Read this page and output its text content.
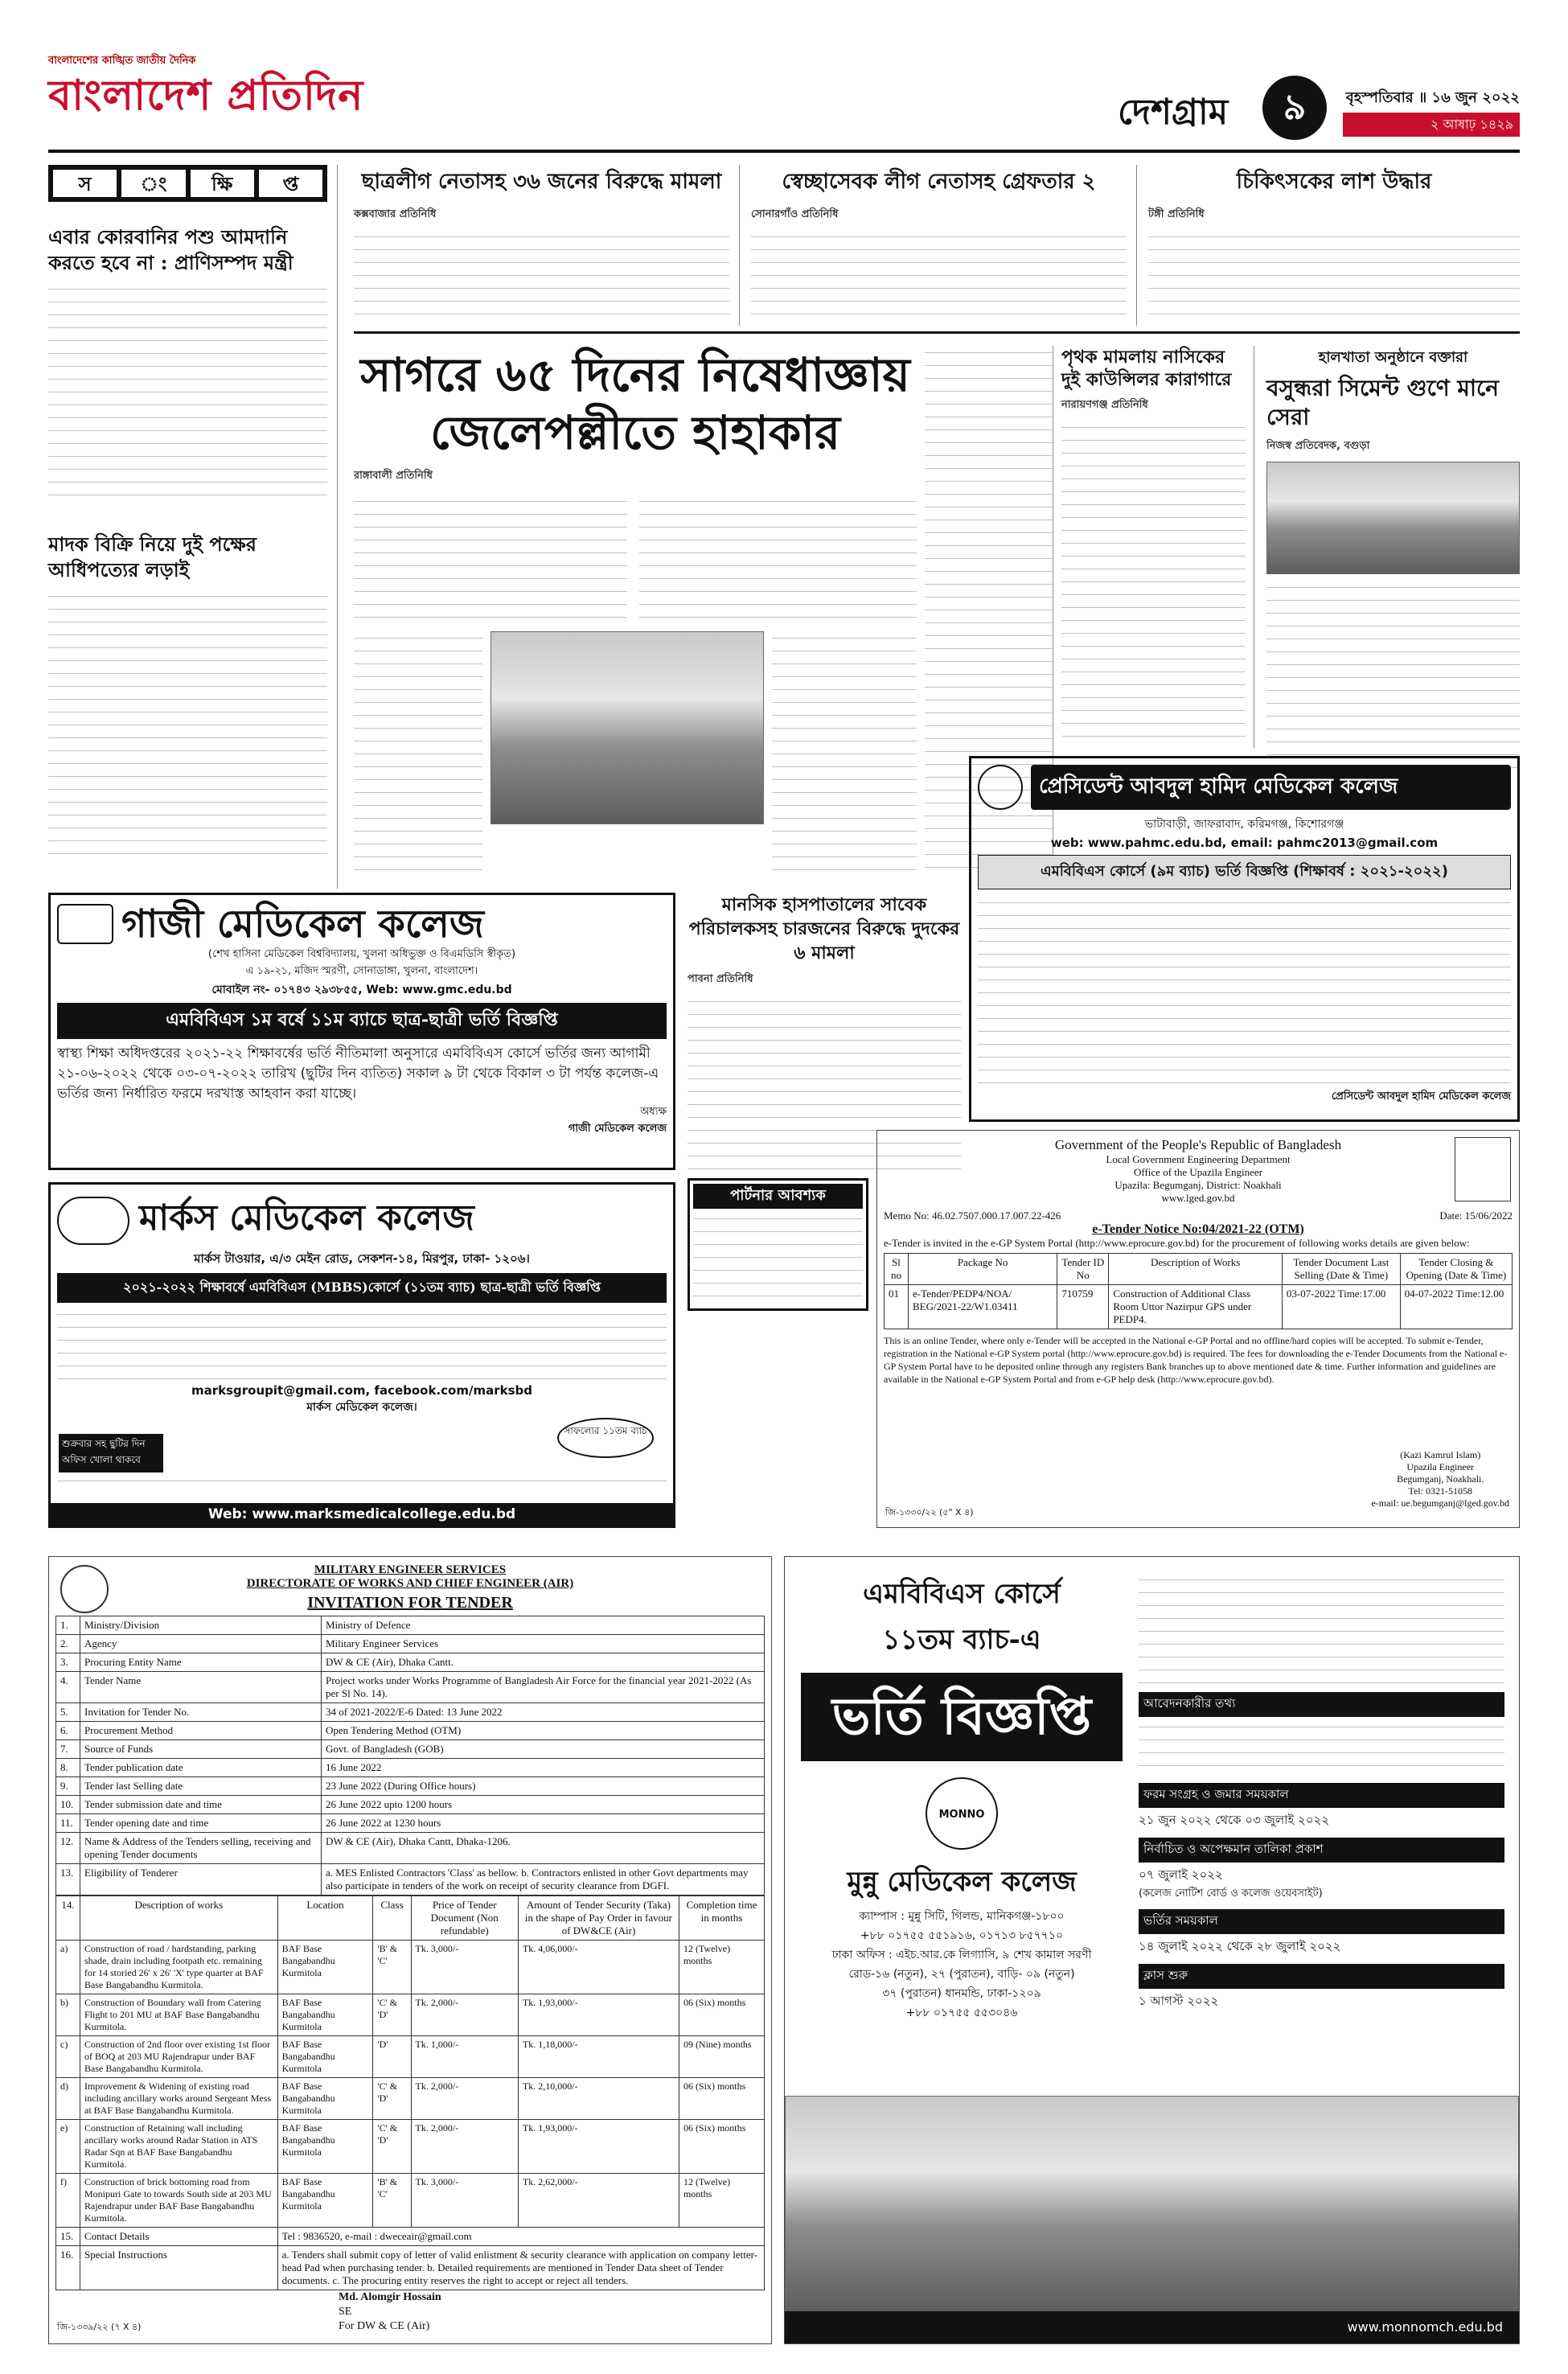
বাংলাদেশের কাঙ্খিত জাতীয় দৈনিক
বাংলাদেশ প্রতিদিন	দেশগ্রাম	৯	বৃহস্পতিবার ॥ ১৬ জুন ২০২২
২ আষাঢ় ১৪২৯
স	ং	ক্ষি	প্ত
এবার কোরবানির পশু আমদানি করতে হবে না : প্রাণিসম্পদ মন্ত্রী
মাদক বিক্রি নিয়ে দুই পক্ষের আধিপত্যের লড়াই
ছাত্রলীগ নেতাসহ ৩৬ জনের বিরুদ্ধে মামলা
কক্সবাজার প্রতিনিধি
স্বেচ্ছাসেবক লীগ নেতাসহ গ্রেফতার ২
সোনারগাঁও প্রতিনিধি
চিকিৎসকের লাশ উদ্ধার
টঙ্গী প্রতিনিধি
সাগরে ৬৫ দিনের নিষেধাজ্ঞায়
জেলেপল্লীতে হাহাকার
রাঙ্গাবালী প্রতিনিধি
পৃথক মামলায় নাসিকের দুই কাউন্সিলর কারাগারে
নারায়ণগঞ্জ প্রতিনিধি
হালখাতা অনুষ্ঠানে বক্তারা
বসুন্ধরা সিমেন্ট গুণে মানে সেরা
নিজস্ব প্রতিবেদক, বগুড়া
প্রেসিডেন্ট আবদুল হামিদ মেডিকেল কলেজ
ভাটাবাড়ী, জাফরাবাদ, করিমগঞ্জ, কিশোরগঞ্জ
web: www.pahmc.edu.bd, email: pahmc2013@gmail.com
এমবিবিএস কোর্সে (৯ম ব্যাচ) ভর্তি বিজ্ঞপ্তি (শিক্ষাবর্ষ : ২০২১-২০২২)
প্রেসিডেন্ট আবদুল হামিদ মেডিকেল কলেজ
মানসিক হাসপাতালের সাবেক পরিচালকসহ চারজনের বিরুদ্ধে দুদকের ৬ মামলা
পাবনা প্রতিনিধি
গাজী মেডিকেল কলেজ
(শেখ হাসিনা মেডিকেল বিশ্ববিদ্যালয়, খুলনা অধিভুক্ত ও বিএমডিসি স্বীকৃত)
এ ১৯-২১, মজিদ স্মরণী, সোনাডাঙ্গা, খুলনা, বাংলাদেশ।
মোবাইল নং- ০১৭৪৩ ২৯৩৮৫৫, Web: www.gmc.edu.bd
এমবিবিএস ১ম বর্ষে ১১ম ব্যাচে ছাত্র-ছাত্রী ভর্তি বিজ্ঞপ্তি
স্বাস্থ্য শিক্ষা অধিদপ্তরের ২০২১-২২ শিক্ষাবর্ষের ভর্তি নীতিমালা অনুসারে এমবিবিএস কোর্সে ভর্তির জন্য আগামী ২১-০৬-২০২২ থেকে ০৩-০৭-২০২২ তারিখ (ছুটির দিন ব্যতিত) সকাল ৯ টা থেকে বিকাল ৩ টা পর্যন্ত কলেজ-এ ভর্তির জন্য নির্ধারিত ফরমে দরখাস্ত আহবান করা যাচ্ছে।
অধ্যক্ষ
গাজী মেডিকেল কলেজ
পার্টনার আবশ্যক
মার্কস মেডিকেল কলেজ
মার্কস টাওয়ার, এ/৩ মেইন রোড, সেকশন-১৪, মিরপুর, ঢাকা- ১২০৬।
২০২১-২০২২ শিক্ষাবর্ষে এমবিবিএস (MBBS)কোর্সে (১১তম ব্যাচ) ছাত্র-ছাত্রী ভর্তি বিজ্ঞপ্তি
marksgroupit@gmail.com, facebook.com/marksbd
মার্কস মেডিকেল কলেজ।
শুক্রবার সহ ছুটির দিন অফিস খোলা থাকবে
সাফল্যের ১১তম ব্যাচ
Web: www.marksmedicalcollege.edu.bd
Government of the People's Republic of Bangladesh
Local Government Engineering Department
Office of the Upazila Engineer
Upazila: Begumganj, District: Noakhali
www.lged.gov.bd
Memo No: 46.02.7507.000.17.007.22-426	Date: 15/06/2022
e-Tender Notice No:04/2021-22 (OTM)
e-Tender is invited in the e-GP System Portal (http://www.eprocure.gov.bd) for the procurement of following works details are given below:
Sl no	Package No	Tender ID No	Description of Works	Tender Document Last Selling (Date & Time)	Tender Closing & Opening (Date & Time)
01	e-Tender/PEDP4/NOA/ BEG/2021-22/W1.03411	710759	Construction of Additional Class Room Uttor Nazirpur GPS under PEDP4.	03-07-2022 Time:17.00	04-07-2022 Time:12.00
This is an online Tender, where only e-Tender will be accepted in the National e-GP Portal and no offline/hard copies will be accepted. To submit e-Tender, registration in the National e-GP System portal (http://www.eprocure.gov.bd) is required. The fees for downloading the e-Tender Documents from the National e-GP System Portal have to be deposited online through any registers Bank branches up to above mentioned date & time. Further information and guidelines are available in the National e-GP System Portal and from e-GP help desk (http://www.eprocure.gov.bd).
(Kazi Kamrul Islam)
Upazila Engineer
Begumganj, Noakhali.
Tel: 0321-51058
e-mail: ue.begumganj@lged.gov.bd
জি-১৩৩০/২২ (৫" X ৪)
MILITARY ENGINEER SERVICES
DIRECTORATE OF WORKS AND CHIEF ENGINEER (AIR)
INVITATION FOR TENDER
1.	Ministry/Division	Ministry of Defence
2.	Agency	Military Engineer Services
3.	Procuring Entity Name	DW & CE (Air), Dhaka Cantt.
4.	Tender Name	Project works under Works Programme of Bangladesh Air Force for the financial year 2021-2022 (As per Sl No. 14).
5.	Invitation for Tender No.	34 of 2021-2022/E-6 Dated: 13 June 2022
6.	Procurement Method	Open Tendering Method (OTM)
7.	Source of Funds	Govt. of Bangladesh (GOB)
8.	Tender publication date	16 June 2022
9.	Tender last Selling date	23 June 2022 (During Office hours)
10.	Tender submission date and time	26 June 2022 upto 1200 hours
11.	Tender opening date and time	26 June 2022 at 1230 hours
12.	Name & Address of the Tenders selling, receiving and opening Tender documents	DW & CE (Air), Dhaka Cantt, Dhaka-1206.
13.	Eligibility of Tenderer	a. MES Enlisted Contractors 'Class' as bellow. b. Contractors enlisted in other Govt departments may also participate in tenders of the work on receipt of security clearance from DGFI.
14.	Description of works	Location	Class	Price of Tender Document (Non refundable)	Amount of Tender Security (Taka) in the shape of Pay Order in favour of DW&CE (Air)	Completion time in months
a)	Construction of road / hardstanding, parking shade, drain including footpath etc. remaining for 14 storied 26' x 26' 'X' type quarter at BAF Base Bangabandhu Kurmitola.	BAF Base Bangabandhu Kurmitola	'B' & 'C'	Tk. 3,000/-	Tk. 4,06,000/-	12 (Twelve) months
b)	Construction of Boundary wall from Catering Flight to 201 MU at BAF Base Bangabandhu Kurmitola.	BAF Base Bangabandhu Kurmitola	'C' & 'D'	Tk. 2,000/-	Tk. 1,93,000/-	06 (Six) months
c)	Construction of 2nd floor over existing 1st floor of BOQ at 203 MU Rajendrapur under BAF Base Bangabandhu Kurmitola.	BAF Base Bangabandhu Kurmitola	'D'	Tk. 1,000/-	Tk. 1,18,000/-	09 (Nine) months
d)	Improvement & Widening of existing road including ancillary works around Sergeant Mess at BAF Base Bangabandhu Kurmitola.	BAF Base Bangabandhu Kurmitola	'C' & 'D'	Tk. 2,000/-	Tk. 2,10,000/-	06 (Six) months
e)	Construction of Retaining wall including ancillary works around Radar Station in ATS Radar Sqn at BAF Base Bangabandhu Kurmitola.	BAF Base Bangabandhu Kurmitola	'C' & 'D'	Tk. 2,000/-	Tk. 1,93,000/-	06 (Six) months
f)	Construction of brick bottoming road from Monipuri Gate to towards South side at 203 MU Rajendrapur under BAF Base Bangabandhu Kurmitola.	BAF Base Bangabandhu Kurmitola	'B' & 'C'	Tk. 3,000/-	Tk. 2,62,000/-	12 (Twelve) months
15.	Contact Details	Tel : 9836520, e-mail : dweceair@gmail.com				
16.	Special Instructions	a. Tenders shall submit copy of letter of valid enlistment & security clearance with application on company letter-head Pad when purchasing tender. b. Detailed requirements are mentioned in Tender Data sheet of Tender documents. c. The procuring entity reserves the right to accept or reject all tenders.				
Md. Alomgir Hossain
SE
For DW & CE (Air)
জি-১৩৩৯/২২ (৭ X ৪)
এমবিবিএস কোর্সে
১১তম ব্যাচ-এ
ভর্তি বিজ্ঞপ্তি
MONNO
মুন্নু মেডিকেল কলেজ
ক্যাম্পাস : মুন্নু সিটি, গিলন্ড, মানিকগঞ্জ-১৮০০
+৮৮ ০১৭৫৫ ৫৫১৯১৬, ০১৭১৩ ৮৫৭৭১০
ঢাকা অফিস : এইচ.আর.কে লিগ্যাসি, ৯ শেখ কামাল সরণী
রোড-১৬ (নতুন), ২৭ (পুরাতন), বাড়ি- ০৯ (নতুন)
৩৭ (পুরাতন) ধানমন্ডি, ঢাকা-১২০৯
+৮৮ ০১৭৫৫ ৫৫৩০৪৬
আবেদনকারীর তথ্য
ফরম সংগ্রহ ও জমার সময়কাল
২১ জুন ২০২২ থেকে ০৩ জুলাই ২০২২
নির্বাচিত ও অপেক্ষমান তালিকা প্রকাশ
০৭ জুলাই ২০২২
(কলেজ নোটিশ বোর্ড ও কলেজ ওয়েবসাইট)
ভর্তির সময়কাল
১৪ জুলাই ২০২২ থেকে ২৮ জুলাই ২০২২
ক্লাস শুরু
১ আগস্ট ২০২২
www.monnomch.edu.bd
